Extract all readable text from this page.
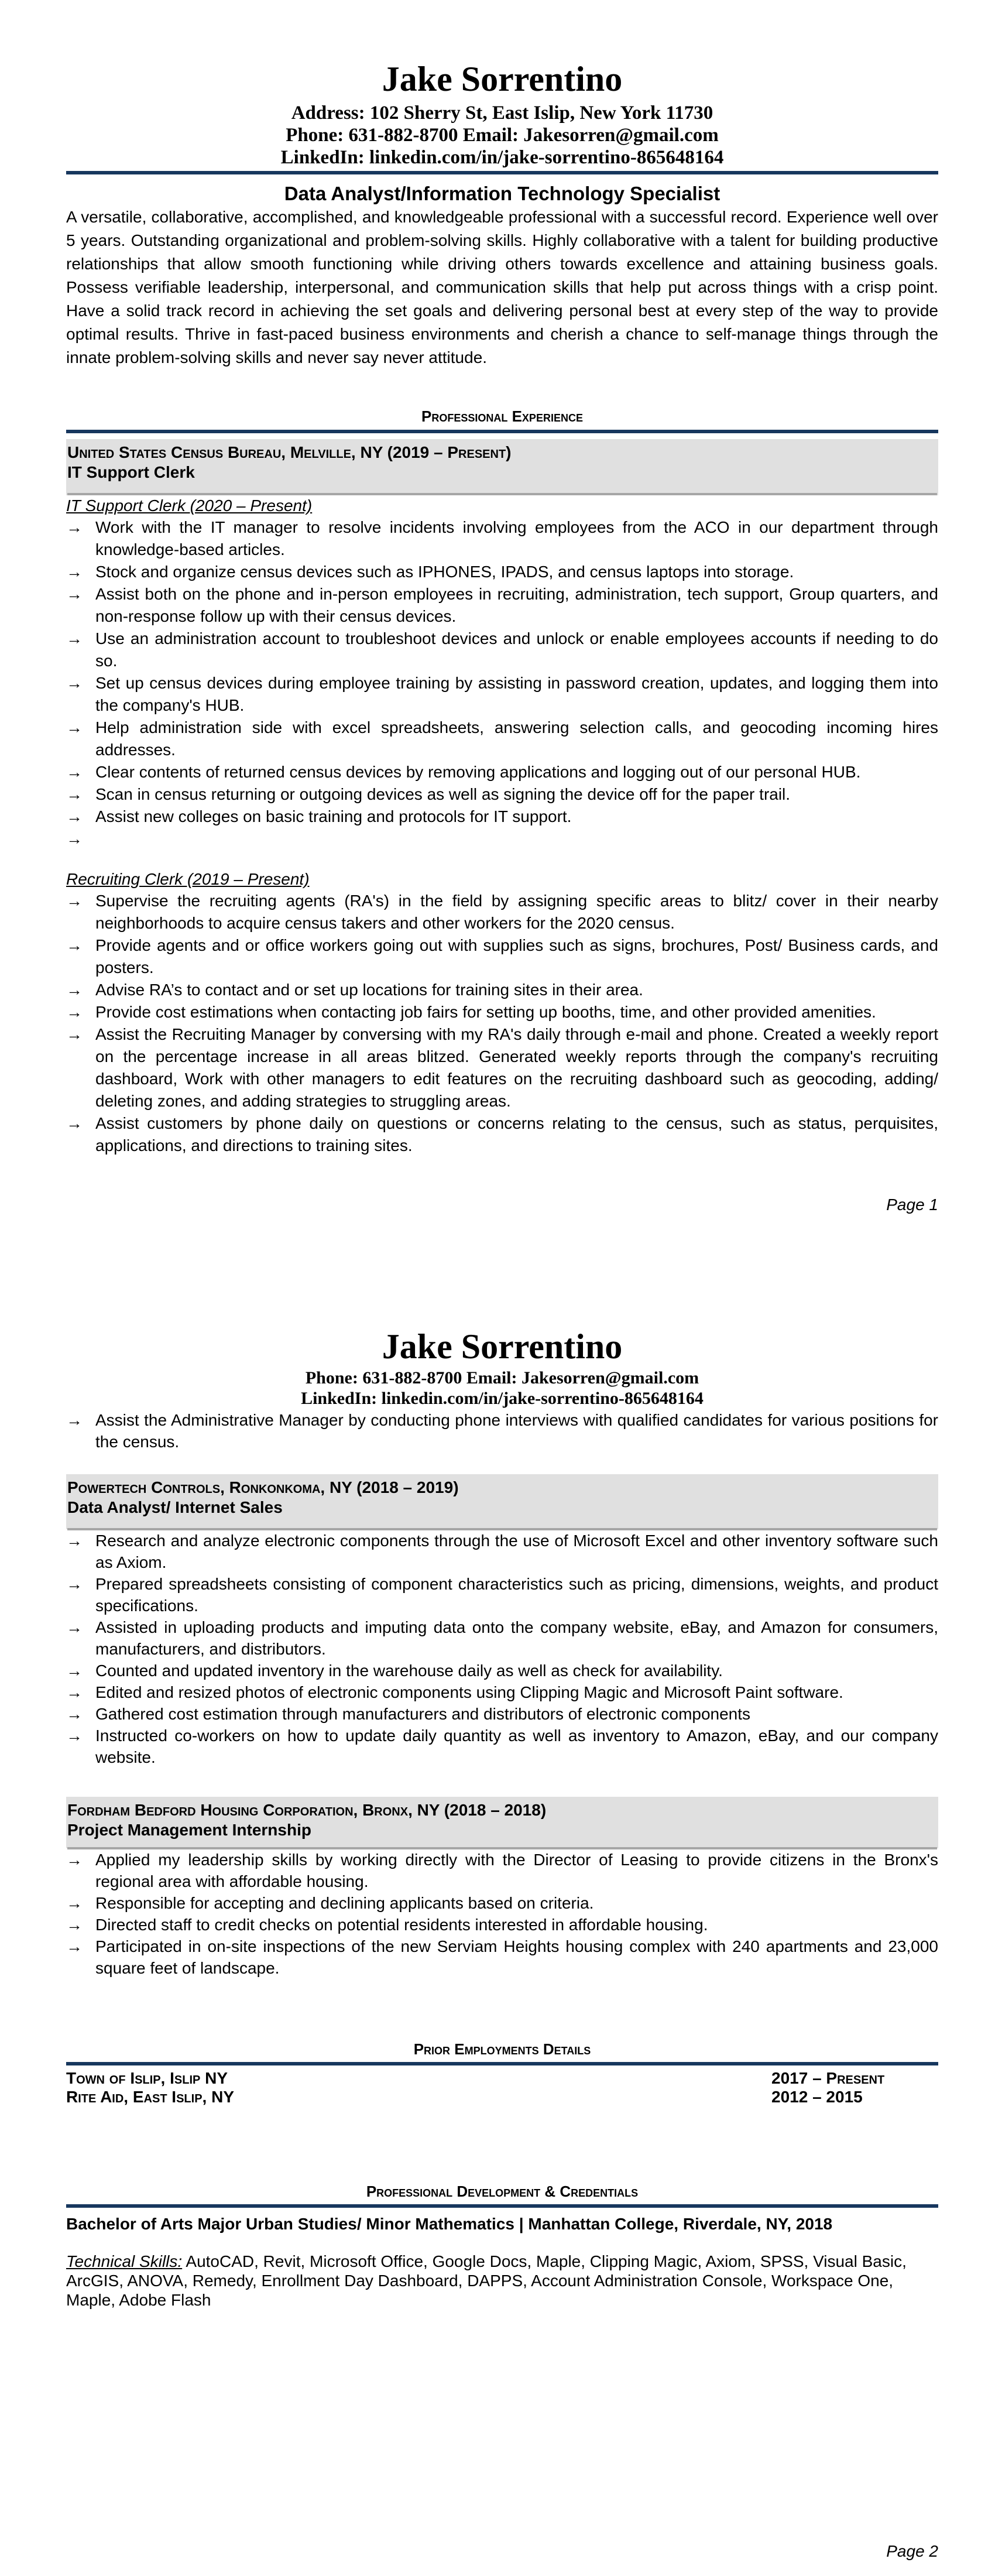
Jake Sorrentino
Address: 102 Sherry St, East Islip, New York 11730
Phone: 631-882-8700 Email: Jakesorren@gmail.com
LinkedIn: linkedin.com/in/jake-sorrentino-865648164
Data Analyst/Information Technology Specialist
A versatile, collaborative, accomplished, and knowledgeable professional with a successful record. Experience well over 5 years. Outstanding organizational and problem-solving skills. Highly collaborative with a talent for building productive relationships that allow smooth functioning while driving others towards excellence and attaining business goals. Possess verifiable leadership, interpersonal, and communication skills that help put across things with a crisp point. Have a solid track record in achieving the set goals and delivering personal best at every step of the way to provide optimal results. Thrive in fast-paced business environments and cherish a chance to self-manage things through the innate problem-solving skills and never say never attitude.
Professional Experience
United States Census Bureau, Melville, NY (2019 – Present)
IT Support Clerk
IT Support Clerk (2020 – Present)
→ Work with the IT manager to resolve incidents involving employees from the ACO in our department through knowledge-based articles.
→ Stock and organize census devices such as IPHONES, IPADS, and census laptops into storage.
→ Assist both on the phone and in-person employees in recruiting, administration, tech support, Group quarters, and non-response follow up with their census devices.
→ Use an administration account to troubleshoot devices and unlock or enable employees accounts if needing to do so.
→ Set up census devices during employee training by assisting in password creation, updates, and logging them into the company's HUB.
→ Help administration side with excel spreadsheets, answering selection calls, and geocoding incoming hires addresses.
→ Clear contents of returned census devices by removing applications and logging out of our personal HUB.
→ Scan in census returning or outgoing devices as well as signing the device off for the paper trail.
→ Assist new colleges on basic training and protocols for IT support.
→
Recruiting Clerk (2019 – Present)
→ Supervise the recruiting agents (RA's) in the field by assigning specific areas to blitz/ cover in their nearby neighborhoods to acquire census takers and other workers for the 2020 census.
→ Provide agents and or office workers going out with supplies such as signs, brochures, Post/ Business cards, and posters.
→ Advise RA’s to contact and or set up locations for training sites in their area.
→ Provide cost estimations when contacting job fairs for setting up booths, time, and other provided amenities.
→ Assist the Recruiting Manager by conversing with my RA's daily through e-mail and phone. Created a weekly report on the percentage increase in all areas blitzed. Generated weekly reports through the company's recruiting dashboard, Work with other managers to edit features on the recruiting dashboard such as geocoding, adding/ deleting zones, and adding strategies to struggling areas.
→ Assist customers by phone daily on questions or concerns relating to the census, such as status, perquisites, applications, and directions to training sites.
Page 1
Jake Sorrentino
Phone: 631-882-8700 Email: Jakesorren@gmail.com
LinkedIn: linkedin.com/in/jake-sorrentino-865648164
→ Assist the Administrative Manager by conducting phone interviews with qualified candidates for various positions for the census.
Powertech Controls, Ronkonkoma, NY (2018 – 2019)
Data Analyst/ Internet Sales
→ Research and analyze electronic components through the use of Microsoft Excel and other inventory software such as Axiom.
→ Prepared spreadsheets consisting of component characteristics such as pricing, dimensions, weights, and product specifications.
→ Assisted in uploading products and imputing data onto the company website, eBay, and Amazon for consumers, manufacturers, and distributors.
→ Counted and updated inventory in the warehouse daily as well as check for availability.
→ Edited and resized photos of electronic components using Clipping Magic and Microsoft Paint software.
→ Gathered cost estimation through manufacturers and distributors of electronic components
→ Instructed co-workers on how to update daily quantity as well as inventory to Amazon, eBay, and our company website.
Fordham Bedford Housing Corporation, Bronx, NY (2018 – 2018)
Project Management Internship
→ Applied my leadership skills by working directly with the Director of Leasing to provide citizens in the Bronx's regional area with affordable housing.
→ Responsible for accepting and declining applicants based on criteria.
→ Directed staff to credit checks on potential residents interested in affordable housing.
→ Participated in on-site inspections of the new Serviam Heights housing complex with 240 apartments and 23,000 square feet of landscape.
Prior Employments Details
Town of Islip, Islip NY	2017 – Present
Rite Aid, East Islip, NY	2012 – 2015
Professional Development & Credentials
Bachelor of Arts Major Urban Studies/ Minor Mathematics | Manhattan College, Riverdale, NY, 2018
Technical Skills: AutoCAD, Revit, Microsoft Office, Google Docs, Maple, Clipping Magic, Axiom, SPSS, Visual Basic, ArcGIS, ANOVA, Remedy, Enrollment Day Dashboard, DAPPS, Account Administration Console, Workspace One, Maple, Adobe Flash
Page 2
